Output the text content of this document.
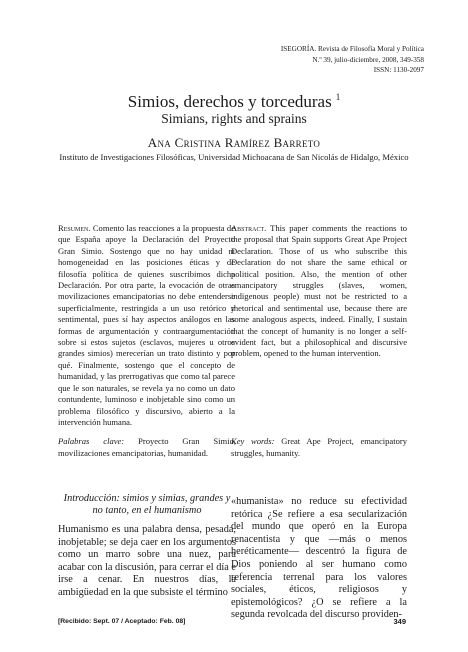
ISEGORÍA. Revista de Filosofía Moral y Política
N.º 39, julio-diciembre, 2008, 349-358
ISSN: 1130-2097
Simios, derechos y torceduras $^1$
Simians, rights and sprains
Ana Cristina Ramírez Barreto
Instituto de Investigaciones Filosóficas, Universidad Michoacana de San Nicolás de Hidalgo, México
Resumen. Comento las reacciones a la propuesta de que España apoye la Declaración del Proyecto Gran Simio. Sostengo que no hay unidad ni homogeneidad en las posiciones éticas y de filosofía política de quienes suscribimos dicha Declaración. Por otra parte, la evocación de otras movilizaciones emancipatorias no debe entenderse superficialmente, restringida a un uso retórico y sentimental, pues sí hay aspectos análogos en las formas de argumentación y contraargumentación sobre si estos sujetos (esclavos, mujeres u otros grandes simios) merecerían un trato distinto y por qué. Finalmente, sostengo que el concepto de humanidad, y las prerrogativas que como tal parece que le son naturales, se revela ya no como un dato contundente, luminoso e inobjetable sino como un problema filosófico y discursivo, abierto a la intervención humana.
Abstract. This paper comments the reactions to the proposal that Spain supports Great Ape Project Declaration. Those of us who subscribe this Declaration do not share the same ethical or political position. Also, the mention of other emancipatory struggles (slaves, women, indigenous people) must not be restricted to a rhetorical and sentimental use, because there are some analogous aspects, indeed. Finally, I sustain that the concept of humanity is no longer a self-evident fact, but a philosophical and discursive problem, opened to the human intervention.
Palabras clave: Proyecto Gran Simio, movilizaciones emancipatorias, humanidad.
Key words: Great Ape Project, emancipatory struggles, humanity.
Introducción: simios y simias, grandes y no tanto, en el humanismo
Humanismo es una palabra densa, pesada, inobjetable; se deja caer en los argumentos como un marro sobre una nuez, para acabar con la discusión, para cerrar el día e irse a cenar. En nuestros días, la ambigüedad en la que subsiste el término
«humanista» no reduce su efectividad retórica ¿Se refiere a esa secularización del mundo que operó en la Europa renacentista y que —más o menos heréticamente— descentró la figura de Dios poniendo al ser humano como referencia terrenal para los valores sociales, éticos, religiosos y epistemológicos? ¿O se refiere a la segunda revolcada del discurso providen-
[Recibido: Sept. 07 / Aceptado: Feb. 08]	349
